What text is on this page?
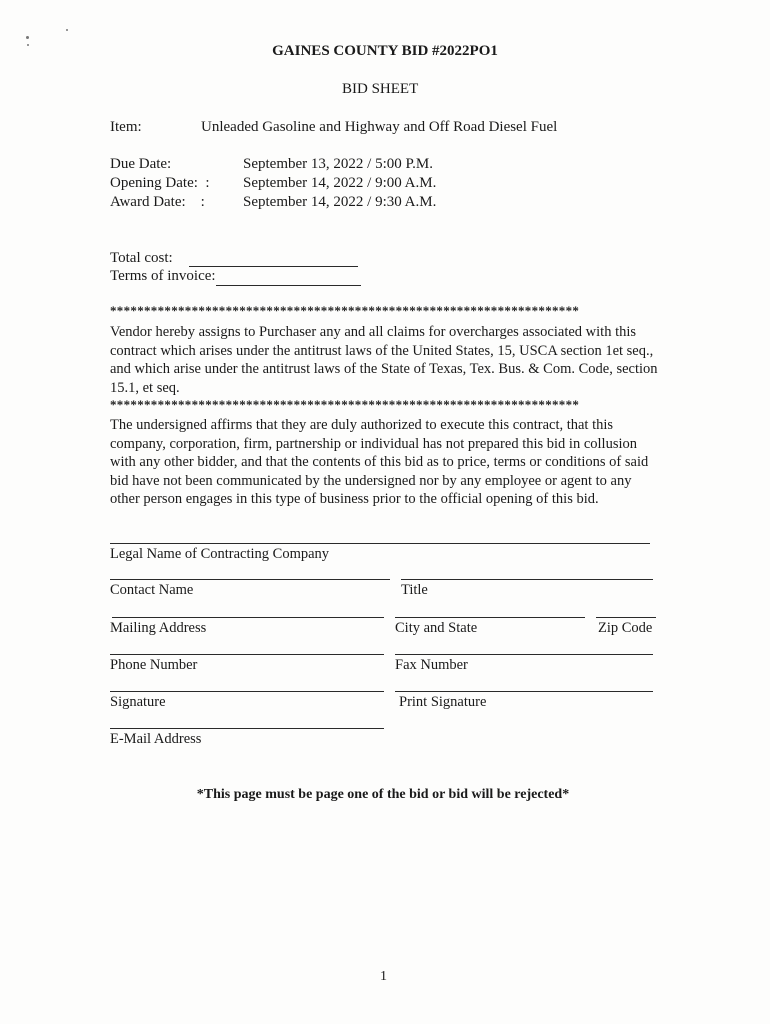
GAINES COUNTY BID #2022PO1
BID SHEET
Item:	Unleaded Gasoline and Highway and Off Road Diesel Fuel
Due Date:	September 13, 2022 / 5:00 P.M.
Opening Date:  : September 14, 2022 / 9:00 A.M.
Award Date:    :	September 14, 2022 / 9:30 A.M.
Total cost:
Terms of invoice:
*********************************************************************
Vendor hereby assigns to Purchaser any and all claims for overcharges associated with this contract which arises under the antitrust laws of the United States, 15, USCA section 1et seq., and which arise under the antitrust laws of the State of Texas, Tex. Bus. & Com. Code, section 15.1, et seq.
*********************************************************************
The undersigned affirms that they are duly authorized to execute this contract, that this company, corporation, firm, partnership or individual has not prepared this bid in collusion with any other bidder, and that the contents of this bid as to price, terms or conditions of said bid have not been communicated by the undersigned nor by any employee or agent to any other person engages in this type of business prior to the official opening of this bid.
Legal Name of Contracting Company
Contact Name	Title
Mailing Address	City and State	Zip Code
Phone Number	Fax Number
Signature	Print Signature
E-Mail Address
*This page must be page one of the bid or bid will be rejected*
1
